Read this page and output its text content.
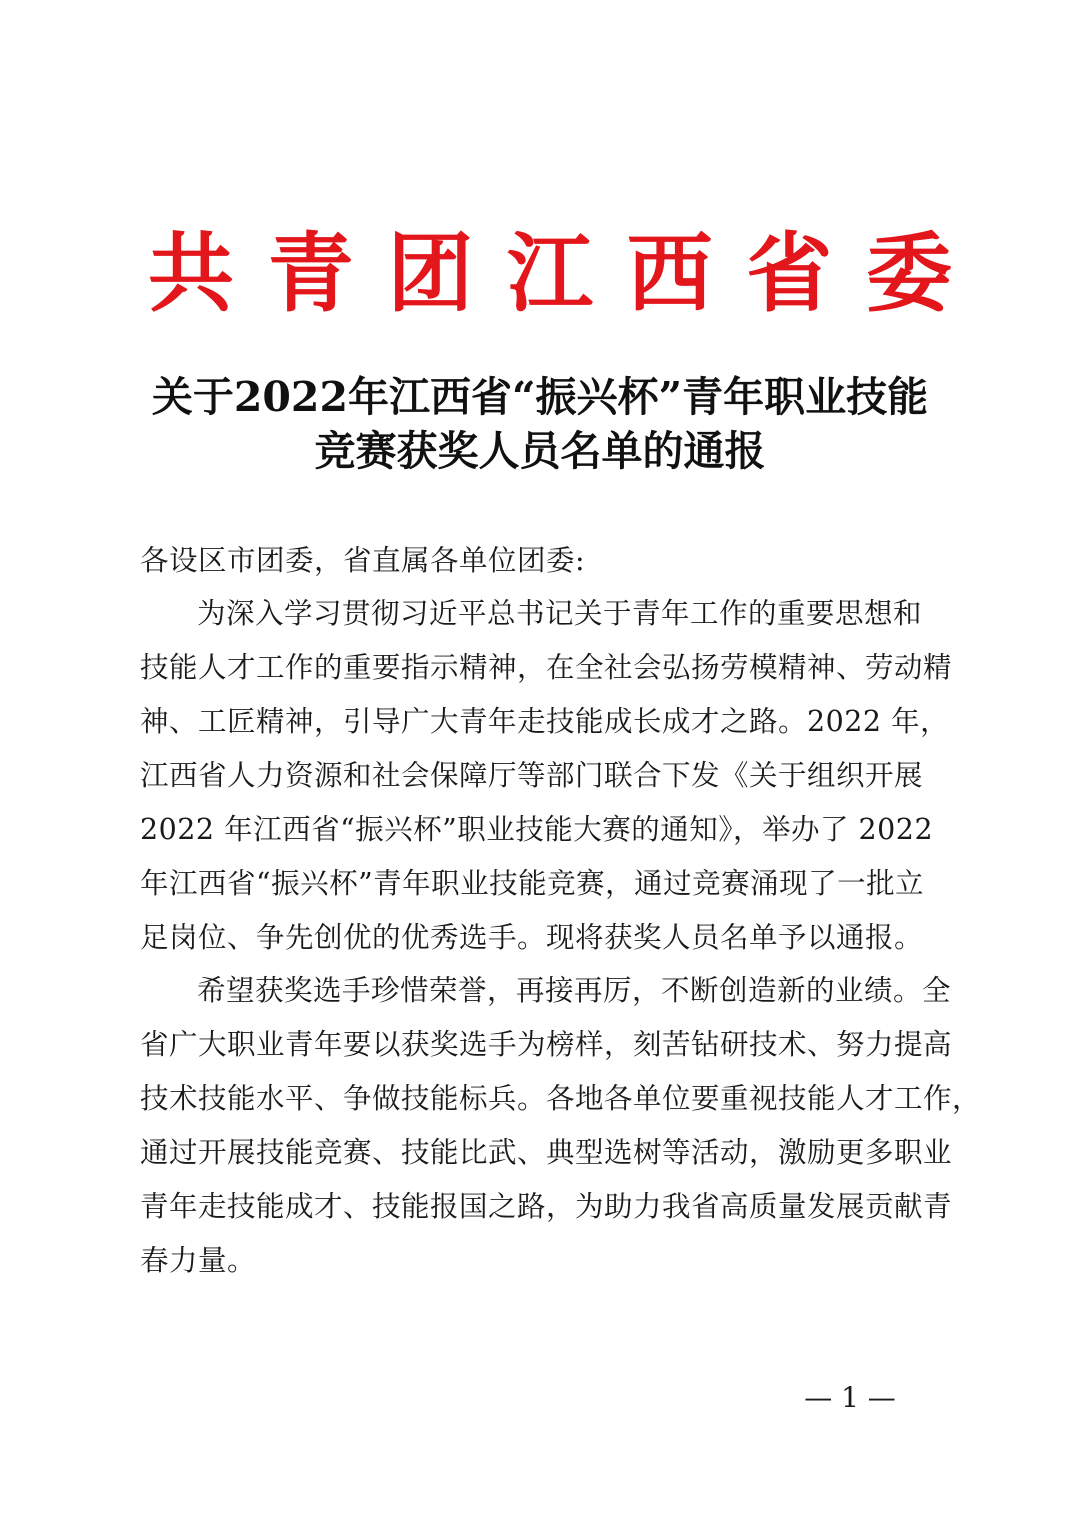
共 青 团 江 西 省 委
关于2022年江西省“振兴杯”青年职业技能
竞赛获奖人员名单的通报
各设区市团委，省直属各单位团委:
为深入学习贯彻习近平总书记关于青年工作的重要思想和
技能人才工作的重要指示精神，在全社会弘扬劳模精神、劳动精
神、工匠精神，引导广大青年走技能成长成才之路。2022 年，
江西省人力资源和社会保障厅等部门联合下发《关于组织开展
2022 年江西省“振兴杯”职业技能大赛的通知》，举办了 2022
年江西省“振兴杯”青年职业技能竞赛，通过竞赛涌现了一批立
足岗位、争先创优的优秀选手。现将获奖人员名单予以通报。
希望获奖选手珍惜荣誉，再接再厉，不断创造新的业绩。全
省广大职业青年要以获奖选手为榜样，刻苦钻研技术、努力提高
技术技能水平、争做技能标兵。各地各单位要重视技能人才工作，
通过开展技能竞赛、技能比武、典型选树等活动，激励更多职业
青年走技能成才、技能报国之路，为助力我省高质量发展贡献青
春力量。
— 1 —
